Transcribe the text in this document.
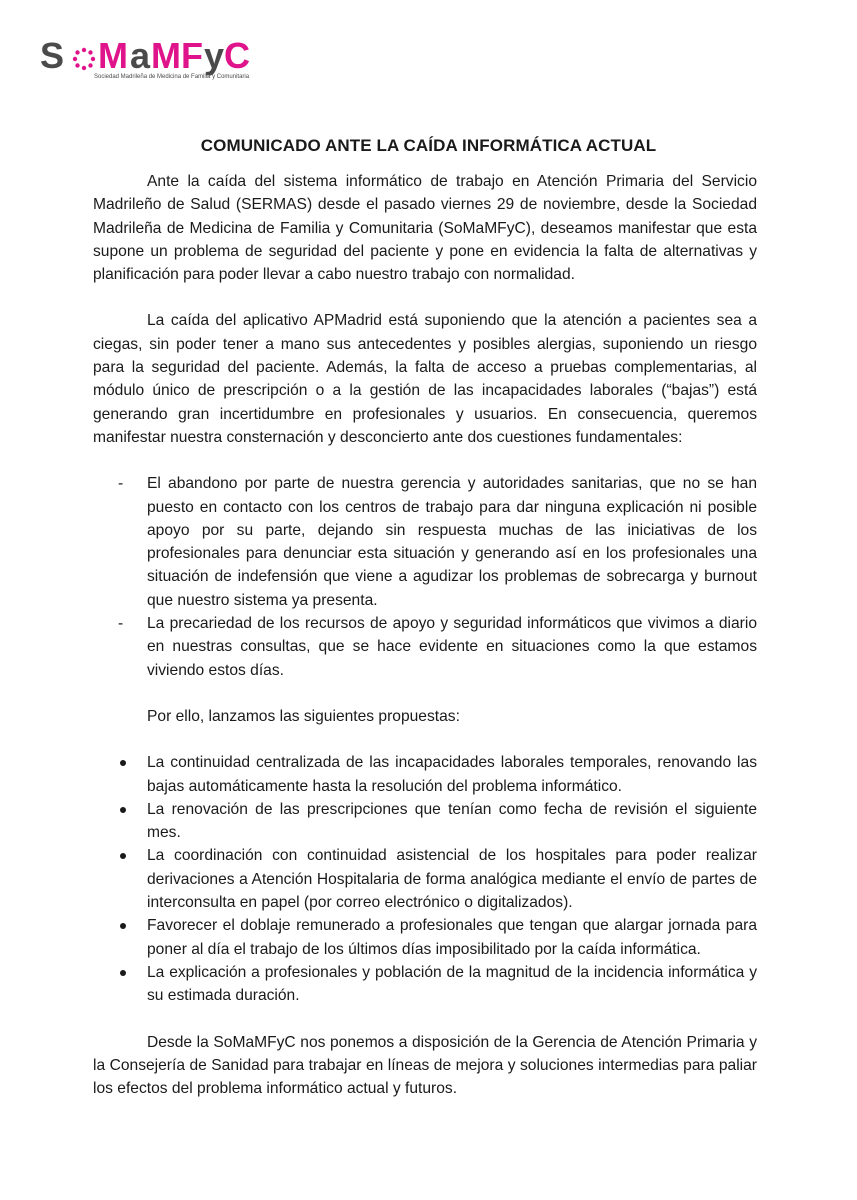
S M a MF y C
Sociedad Madrileña de Medicina de Familia y Comunitaria
COMUNICADO ANTE LA CAÍDA INFORMÁTICA ACTUAL

Ante la caída del sistema informático de trabajo en Atención Primaria del Servicio Madrileño de Salud (SERMAS) desde el pasado viernes 29 de noviembre, desde la Sociedad Madrileña de Medicina de Familia y Comunitaria (SoMaMFyC), deseamos manifestar que esta supone un problema de seguridad del paciente y pone en evidencia la falta de alternativas y planificación para poder llevar a cabo nuestro trabajo con normalidad.

La caída del aplicativo APMadrid está suponiendo que la atención a pacientes sea a ciegas, sin poder tener a mano sus antecedentes y posibles alergias, suponiendo un riesgo para la seguridad del paciente. Además, la falta de acceso a pruebas complementarias, al módulo único de prescripción o a la gestión de las incapacidades laborales (“bajas”) está generando gran incertidumbre en profesionales y usuarios. En consecuencia, queremos manifestar nuestra consternación y desconcierto ante dos cuestiones fundamentales:

- El abandono por parte de nuestra gerencia y autoridades sanitarias, que no se han puesto en contacto con los centros de trabajo para dar ninguna explicación ni posible apoyo por su parte, dejando sin respuesta muchas de las iniciativas de los profesionales para denunciar esta situación y generando así en los profesionales una situación de indefensión que viene a agudizar los problemas de sobrecarga y burnout que nuestro sistema ya presenta.
- La precariedad de los recursos de apoyo y seguridad informáticos que vivimos a diario en nuestras consultas, que se hace evidente en situaciones como la que estamos viviendo estos días.

Por ello, lanzamos las siguientes propuestas:

La continuidad centralizada de las incapacidades laborales temporales, renovando las bajas automáticamente hasta la resolución del problema informático.
La renovación de las prescripciones que tenían como fecha de revisión el siguiente mes.
La coordinación con continuidad asistencial de los hospitales para poder realizar derivaciones a Atención Hospitalaria de forma analógica mediante el envío de partes de interconsulta en papel (por correo electrónico o digitalizados).
Favorecer el doblaje remunerado a profesionales que tengan que alargar jornada para poner al día el trabajo de los últimos días imposibilitado por la caída informática.
La explicación a profesionales y población de la magnitud de la incidencia informática y su estimada duración.

Desde la SoMaMFyC nos ponemos a disposición de la Gerencia de Atención Primaria y la Consejería de Sanidad para trabajar en líneas de mejora y soluciones intermedias para paliar los efectos del problema informático actual y futuros.
